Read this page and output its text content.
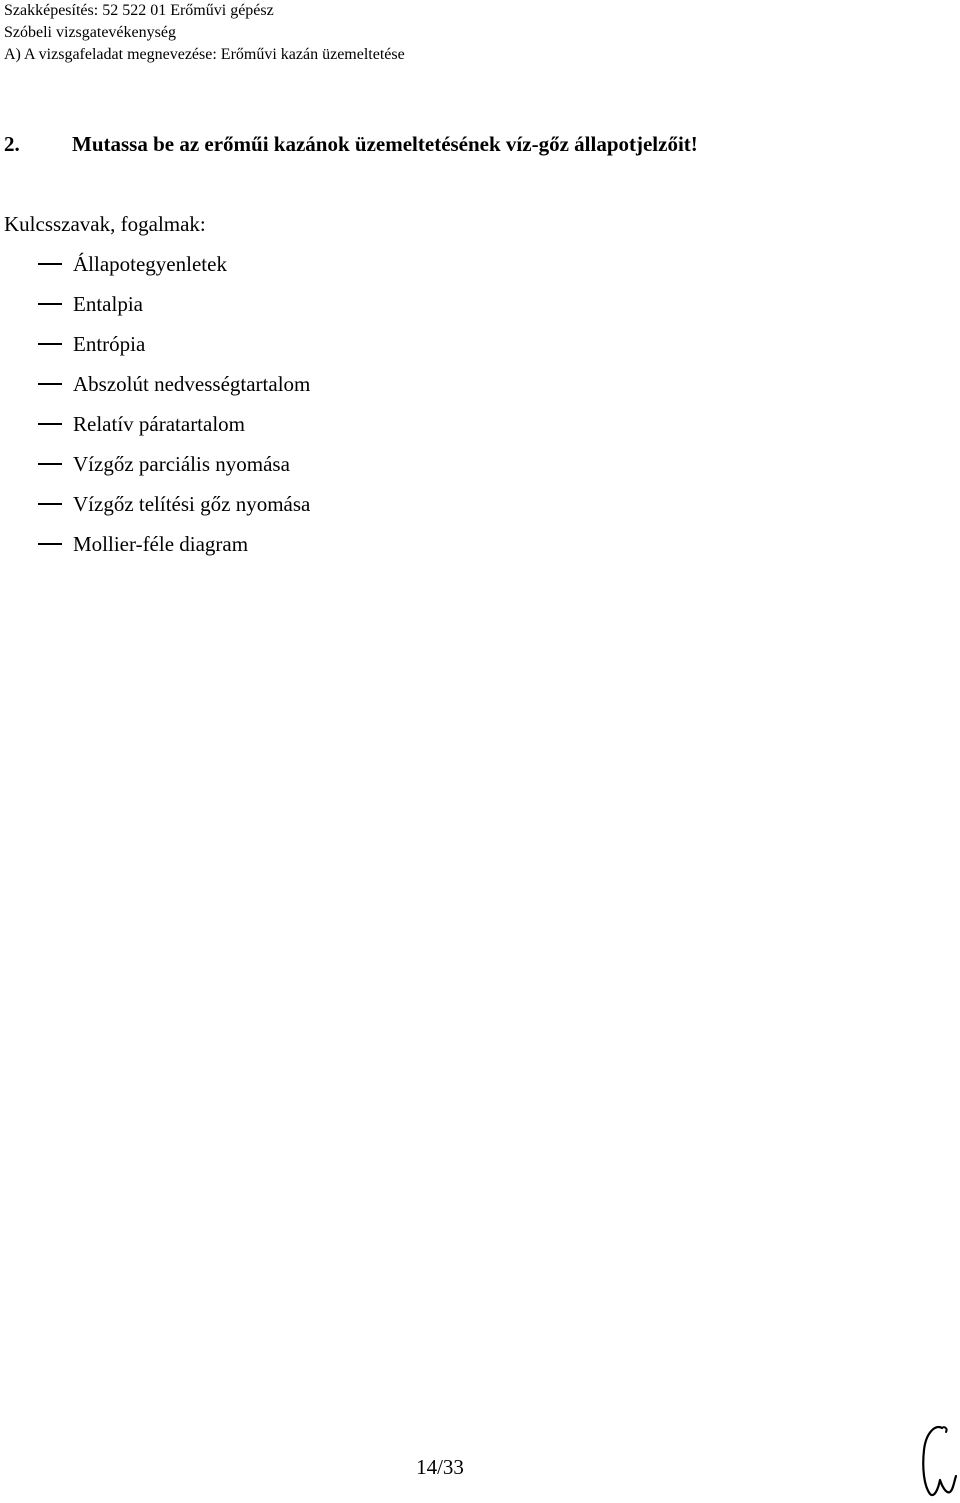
Szakképesítés: 52 522 01 Erőművi gépész
Szóbeli vizsgatevékenység
A) A vizsgafeladat megnevezése: Erőművi kazán üzemeltetése
2. Mutassa be az erőműi kazánok üzemeltetésének víz-gőz állapotjelzőit!
Kulcsszavak, fogalmak:
Állapotegyenletek
Entalpia
Entrópia
Abszolút nedvességtartalom
Relatív páratartalom
Vízgőz parciális nyomása
Vízgőz telítési gőz nyomása
Mollier-féle diagram
14/33
